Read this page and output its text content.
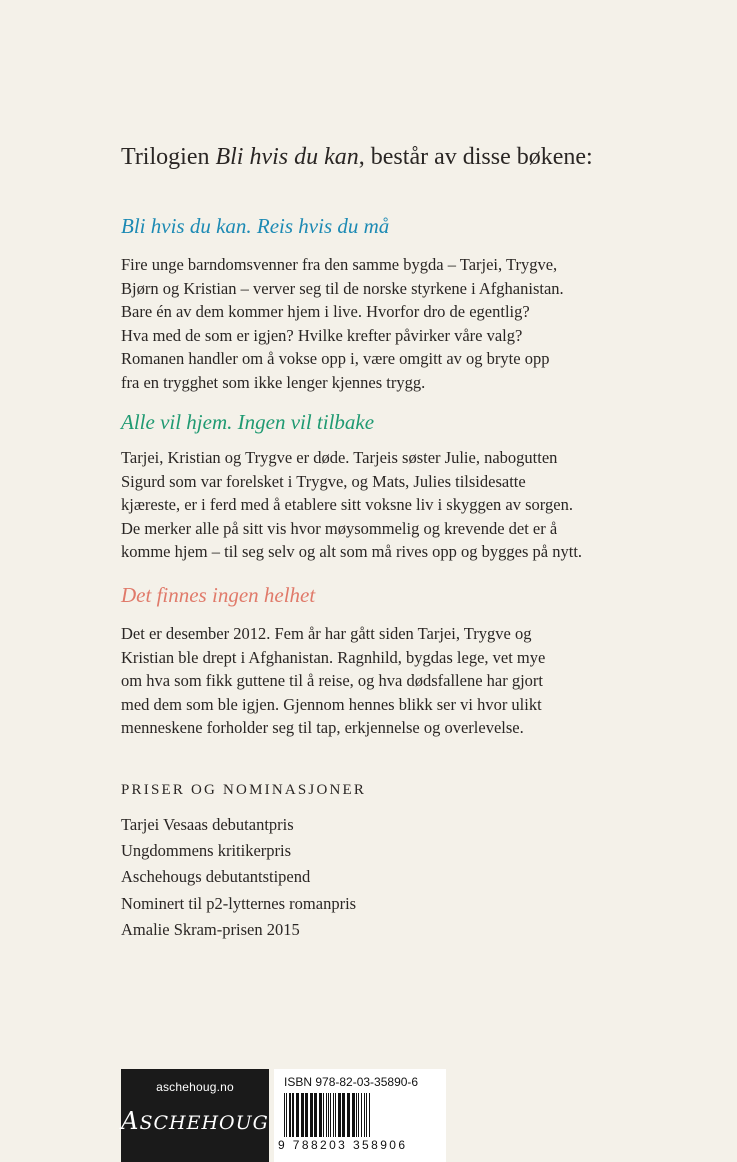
Trilogien Bli hvis du kan, består av disse bøkene:
Bli hvis du kan. Reis hvis du må
Fire unge barndomsvenner fra den samme bygda – Tarjei, Trygve,
Bjørn og Kristian – verver seg til de norske styrkene i Afghanistan.
Bare én av dem kommer hjem i live. Hvorfor dro de egentlig?
Hva med de som er igjen? Hvilke krefter påvirker våre valg?
Romanen handler om å vokse opp i, være omgitt av og bryte opp
fra en trygghet som ikke lenger kjennes trygg.
Alle vil hjem. Ingen vil tilbake
Tarjei, Kristian og Trygve er døde. Tarjeis søster Julie, nabogutten
Sigurd som var forelsket i Trygve, og Mats, Julies tilsidesatte
kjæreste, er i ferd med å etablere sitt voksne liv i skyggen av sorgen.
De merker alle på sitt vis hvor møysommelig og krevende det er å
komme hjem – til seg selv og alt som må rives opp og bygges på nytt.
Det finnes ingen helhet
Det er desember 2012. Fem år har gått siden Tarjei, Trygve og
Kristian ble drept i Afghanistan. Ragnhild, bygdas lege, vet mye
om hva som fikk guttene til å reise, og hva dødsfallene har gjort
med dem som ble igjen. Gjennom hennes blikk ser vi hvor ulikt
menneskene forholder seg til tap, erkjennelse og overlevelse.
PRISER OG NOMINASJONER
Tarjei Vesaas debutantpris
Ungdommens kritikerpris
Aschehougs debutantstipend
Nominert til p2-lytternes romanpris
Amalie Skram-prisen 2015
aschehoug.no
ASCHEHOUG
ISBN 978-82-03-35890-6
9 788203 358906
